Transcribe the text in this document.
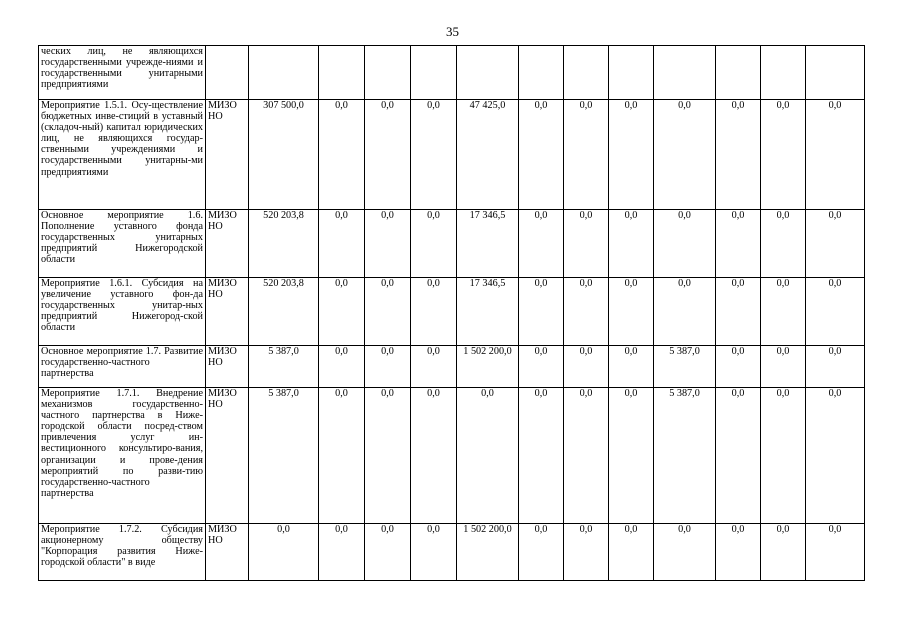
35
ческих лиц, не являющихся государственными учрежде-ниями и государственными унитарными предприятиями													
Мероприятие 1.5.1. Осу-ществление бюджетных инве-стиций в уставный (складоч-ный) капитал юридических лиц, не являющихся государ-ственными учреждениями и государственными унитарны-ми предприятиями	МИЗО НО	307 500,0	0,0	0,0	0,0	47 425,0	0,0	0,0	0,0	0,0	0,0	0,0	0,0
Основное мероприятие 1.6. Пополнение уставного фонда государственных унитарных предприятий Нижегородской области	МИЗО НО	520 203,8	0,0	0,0	0,0	17 346,5	0,0	0,0	0,0	0,0	0,0	0,0	0,0
Мероприятие 1.6.1. Субсидия на увеличение уставного фон-да государственных унитар-ных предприятий Нижегород-ской области	МИЗО НО	520 203,8	0,0	0,0	0,0	17 346,5	0,0	0,0	0,0	0,0	0,0	0,0	0,0
Основное мероприятие 1.7. Развитие государственно-частного партнерства	МИЗО НО	5 387,0	0,0	0,0	0,0	1 502 200,0	0,0	0,0	0,0	5 387,0	0,0	0,0	0,0
Мероприятие 1.7.1. Внедрение механизмов государственно-частного партнерства в Ниже-городской области посред-ством привлечения услуг ин-вестиционного консультиро-вания, организации и прове-дения мероприятий по разви-тию государственно-частного партнерства	МИЗО НО	5 387,0	0,0	0,0	0,0	0,0	0,0	0,0	0,0	5 387,0	0,0	0,0	0,0
Мероприятие 1.7.2. Субсидия акционерному обществу "Корпорация развития Ниже-городской области" в виде	МИЗО НО	0,0	0,0	0,0	0,0	1 502 200,0	0,0	0,0	0,0	0,0	0,0	0,0	0,0
